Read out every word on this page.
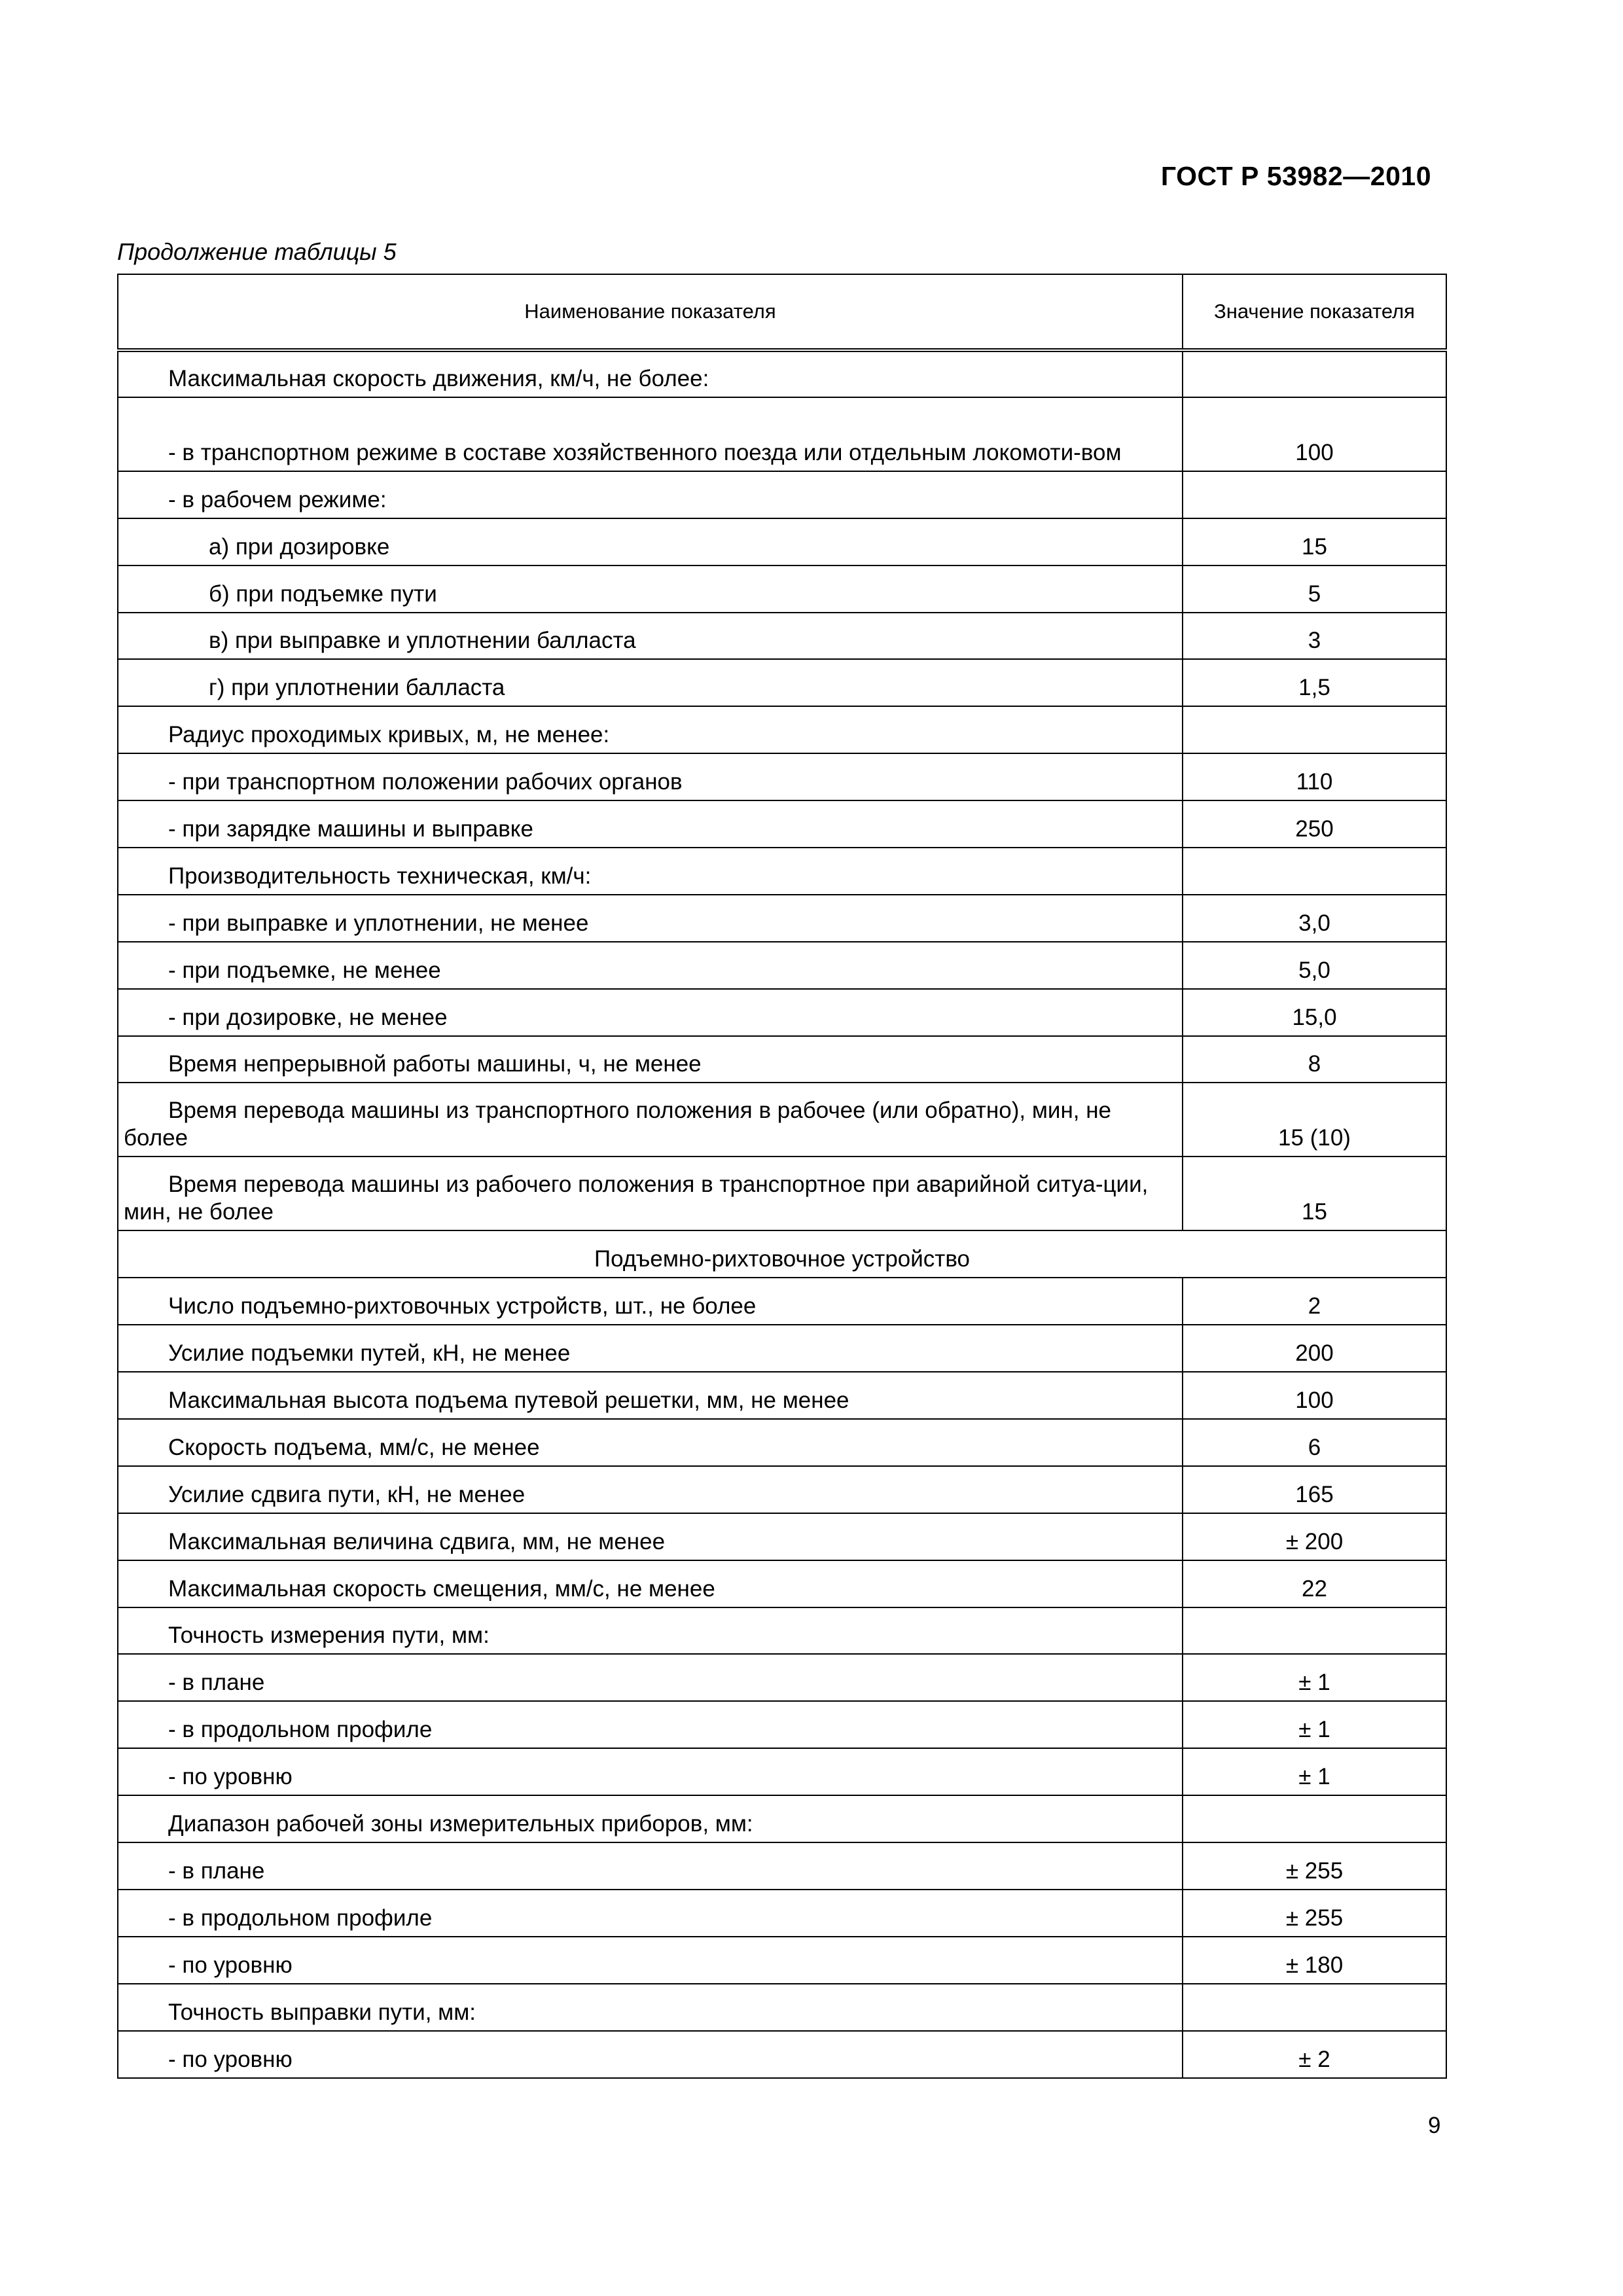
ГОСТ Р 53982—2010
Продолжение таблицы 5
Наименование показателя	Значение показателя
Максимальная скорость движения, км/ч, не более:	
- в транспортном режиме в составе хозяйственного поезда или отдельным локомоти-вом	100
- в рабочем режиме:	
а) при дозировке	15
б) при подъемке пути	5
в) при выправке и уплотнении балласта	3
г) при уплотнении балласта	1,5
Радиус проходимых кривых, м, не менее:	
- при транспортном положении рабочих органов	110
- при зарядке машины и выправке	250
Производительность техническая, км/ч:	
- при выправке и уплотнении, не менее	3,0
- при подъемке, не менее	5,0
- при дозировке, не менее	15,0
Время непрерывной работы машины, ч, не менее	8
Время перевода машины из транспортного положения в рабочее (или обратно), мин, не более	15 (10)
Время перевода машины из рабочего положения в транспортное при аварийной ситуа-ции, мин, не более	15
Подъемно-рихтовочное устройство	
Число подъемно-рихтовочных устройств, шт., не более	2
Усилие подъемки путей, кН, не менее	200
Максимальная высота подъема путевой решетки, мм, не менее	100
Скорость подъема, мм/с, не менее	6
Усилие сдвига пути, кН, не менее	165
Максимальная величина сдвига, мм, не менее	± 200
Максимальная скорость смещения, мм/с, не менее	22
Точность измерения пути, мм:	
- в плане	± 1
- в продольном профиле	± 1
- по уровню	± 1
Диапазон рабочей зоны измерительных приборов, мм:	
- в плане	± 255
- в продольном профиле	± 255
- по уровню	± 180
Точность выправки пути, мм:	
- по уровню	± 2
9
